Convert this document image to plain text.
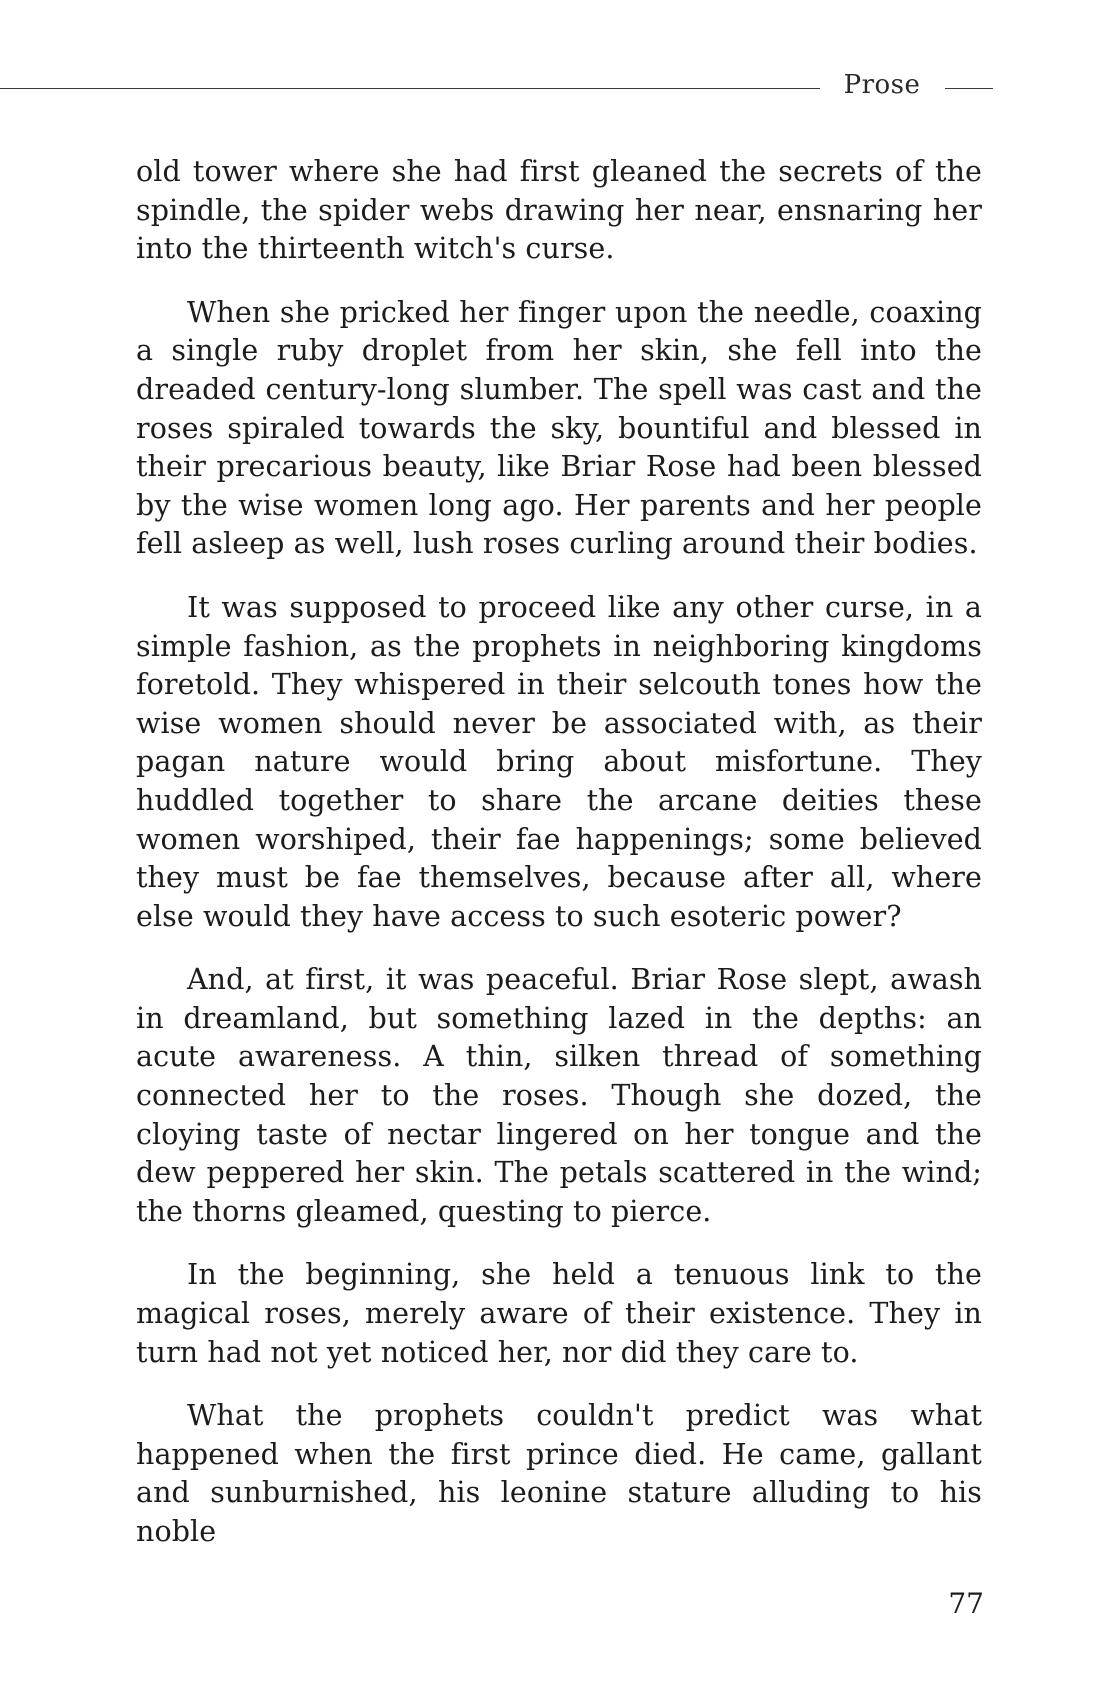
Prose

old tower where she had first gleaned the secrets of the spindle, the spider webs drawing her near, ensnaring her into the thirteenth witch's curse.

When she pricked her finger upon the needle, coaxing a single ruby droplet from her skin, she fell into the dreaded century-long slumber. The spell was cast and the roses spiraled towards the sky, bountiful and blessed in their precarious beauty, like Briar Rose had been blessed by the wise women long ago. Her parents and her people fell asleep as well, lush roses curling around their bodies.

It was supposed to proceed like any other curse, in a simple fashion, as the prophets in neighboring kingdoms foretold. They whispered in their selcouth tones how the wise women should never be associated with, as their pagan nature would bring about misfortune. They huddled together to share the arcane deities these women worshiped, their fae happenings; some believed they must be fae themselves, because after all, where else would they have access to such esoteric power?

And, at first, it was peaceful. Briar Rose slept, awash in dreamland, but something lazed in the depths: an acute awareness. A thin, silken thread of something connected her to the roses. Though she dozed, the cloying taste of nectar lingered on her tongue and the dew peppered her skin. The petals scattered in the wind; the thorns gleamed, questing to pierce.

In the beginning, she held a tenuous link to the magical roses, merely aware of their existence. They in turn had not yet noticed her, nor did they care to.

What the prophets couldn't predict was what happened when the first prince died. He came, gallant and sunburnished, his leonine stature alluding to his noble

77
